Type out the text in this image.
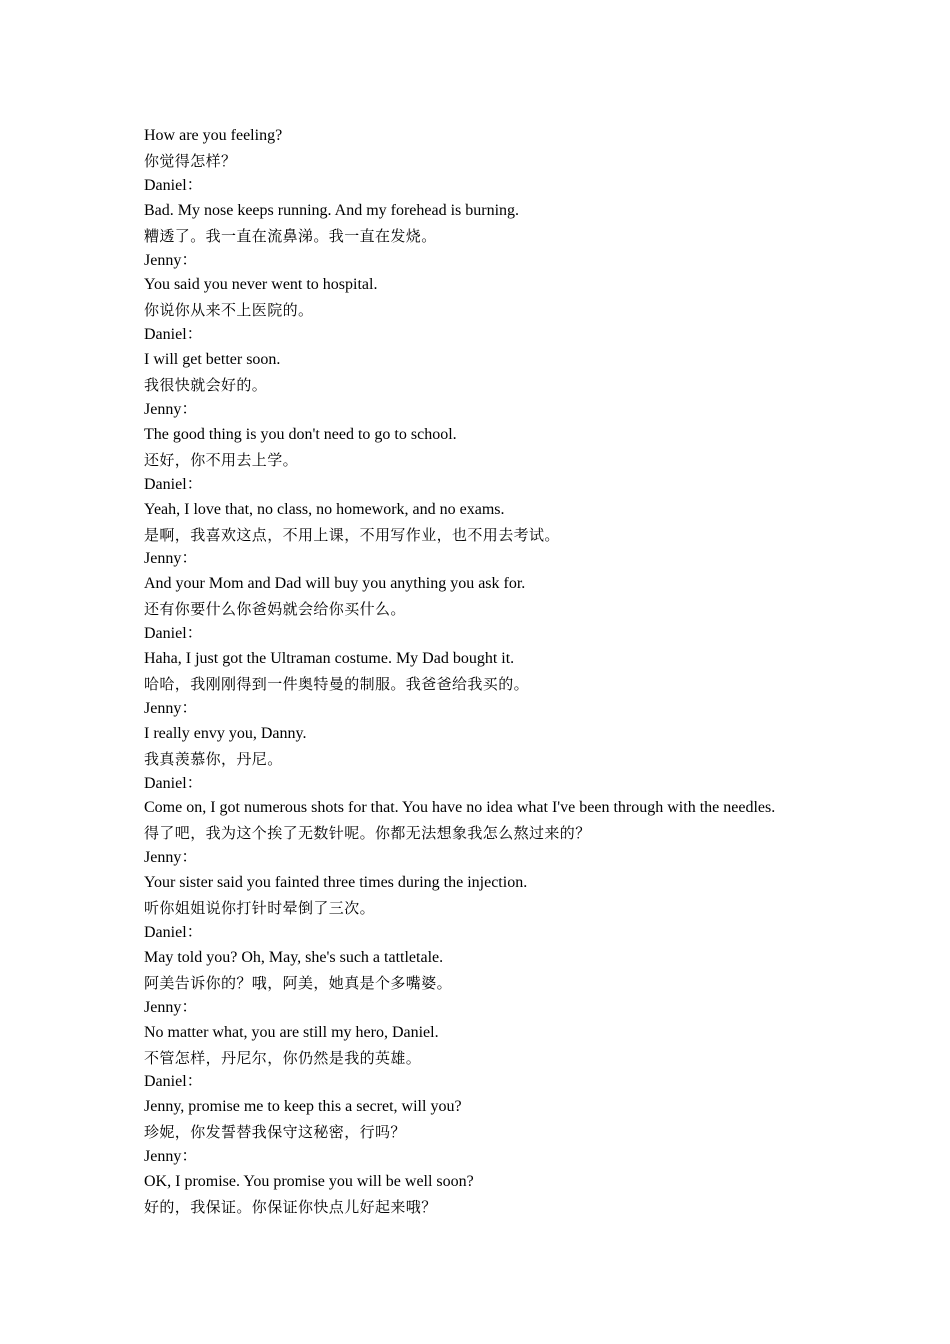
How are you feeling?
你觉得怎样？
Daniel：
Bad. My nose keeps running. And my forehead is burning.
糟透了。我一直在流鼻涕。我一直在发烧。
Jenny：
You said you never went to hospital.
你说你从来不上医院的。
Daniel：
I will get better soon.
我很快就会好的。
Jenny：
The good thing is you don't need to go to school.
还好，你不用去上学。
Daniel：
Yeah, I love that, no class, no homework, and no exams.
是啊，我喜欢这点，不用上课，不用写作业，也不用去考试。
Jenny：
And your Mom and Dad will buy you anything you ask for.
还有你要什么你爸妈就会给你买什么。
Daniel：
Haha, I just got the Ultraman costume. My Dad bought it.
哈哈，我刚刚得到一件奥特曼的制服。我爸爸给我买的。
Jenny：
I really envy you, Danny.
我真羡慕你，丹尼。
Daniel：
Come on, I got numerous shots for that. You have no idea what I've been through with the needles.
得了吧，我为这个挨了无数针呢。你都无法想象我怎么熬过来的？
Jenny：
Your sister said you fainted three times during the injection.
听你姐姐说你打针时晕倒了三次。
Daniel：
May told you? Oh, May, she's such a tattletale.
阿美告诉你的？哦，阿美，她真是个多嘴婆。
Jenny：
No matter what, you are still my hero, Daniel.
不管怎样，丹尼尔，你仍然是我的英雄。
Daniel：
Jenny, promise me to keep this a secret, will you?
珍妮，你发誓替我保守这秘密，行吗？
Jenny：
OK, I promise. You promise you will be well soon?
好的，我保证。你保证你快点儿好起来哦？
